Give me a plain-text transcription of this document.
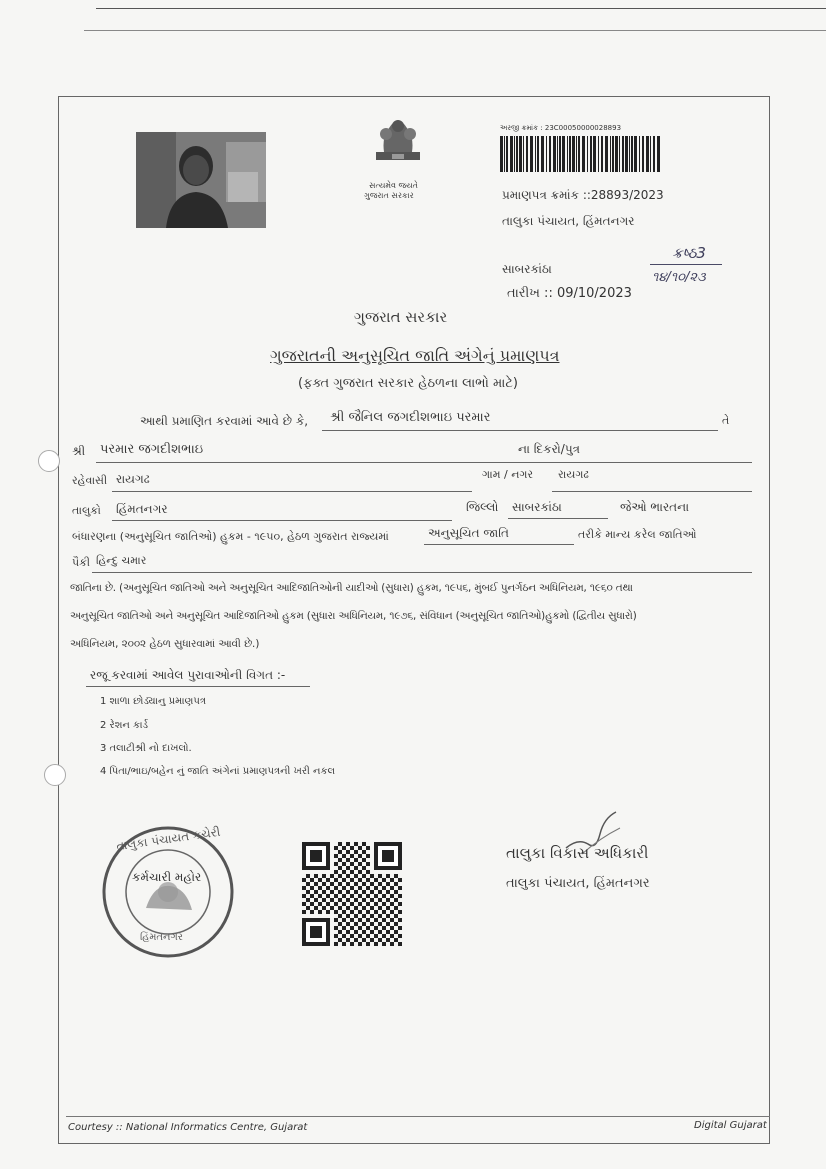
સત્યમેવ જયતે
ગુજરાત સરકાર
અરજી ક્રમાંક : 23C00050000028893
પ્રમાણપત્ર ક્રમાંક ::28893/2023
તાલુકા પંચાયત, હિંમતનગર
સાબરકાંઠા
તારીખ :: 09/10/2023
ક્રષ્ઠ3
૧૪/૧૦/૨૩
ગુજરાત સરકાર
ગુજરાતની અનુસૂચિત જાતિ અંગેનું પ્રમાણપત્ર
(ફક્ત ગુજરાત સરકાર હેઠળના લાભો માટે)
આથી પ્રમાણિત કરવામાં આવે છે કે, શ્રી જૈનિલ જગદીશભાઇ પરમાર	તે
શ્રી પરમાર જગદીશભાઇ	ના દિકરો/પુત્ર
રહેવાસી રાયગઢ	ગામ / નગર રાયગઢ
તાલુકો હિંમતનગર	જિલ્લો સાબરકાંઠા	જેઓ ભારતના
બંધારણના (અનુસૂચિત જાતિઓ) હુકમ - ૧૯૫૦, હેઠળ ગુજરાત રાજ્યમાં	અનુસૂચિત જાતિ	તરીકે માન્ય કરેલ જાતિઓ
પૈકી હિન્દુ ચમાર
જાતિના છે. (અનુસૂચિત જાતિઓ અને અનુસૂચિત આદિજાતિઓની યાદીઓ (સુધારા) હુકમ, ૧૯૫૬, મુંબઈ પુનર્ગઠન અધિનિયમ, ૧૯૬૦ તથા
અનુસૂચિત જાતિઓ અને અનુસૂચિત આદિજાતિઓ હુકમ (સુધારા અધિનિયમ, ૧૯૭૬, સંવિધાન (અનુસૂચિત જાતિઓ)હુકમો (દ્વિતીય સુધારો)
અધિનિયમ, ૨૦૦૨ હેઠળ સુધારવામાં આવી છે.)
રજૂ કરવામાં આવેલ પુરાવાઓની વિગત :-
1 શાળા છોડ્યાનુ પ્રમાણપત્ર
2 રેશન કાર્ડ
3 તલાટીશ્રી નો દાખલો.
4 પિતા/ભાઇ/બહેન નું જાતિ અંગેનાં પ્રમાણપત્રની ખરી નકલ
તાલુકા પંચાયત કચેરી
કર્મચારી મહોર
હિંમતનગર
તાલુકા વિકાસ અધિકારી
તાલુકા પંચાયત, હિંમતનગર
Courtesy :: National Informatics Centre, Gujarat	Digital Gujarat
